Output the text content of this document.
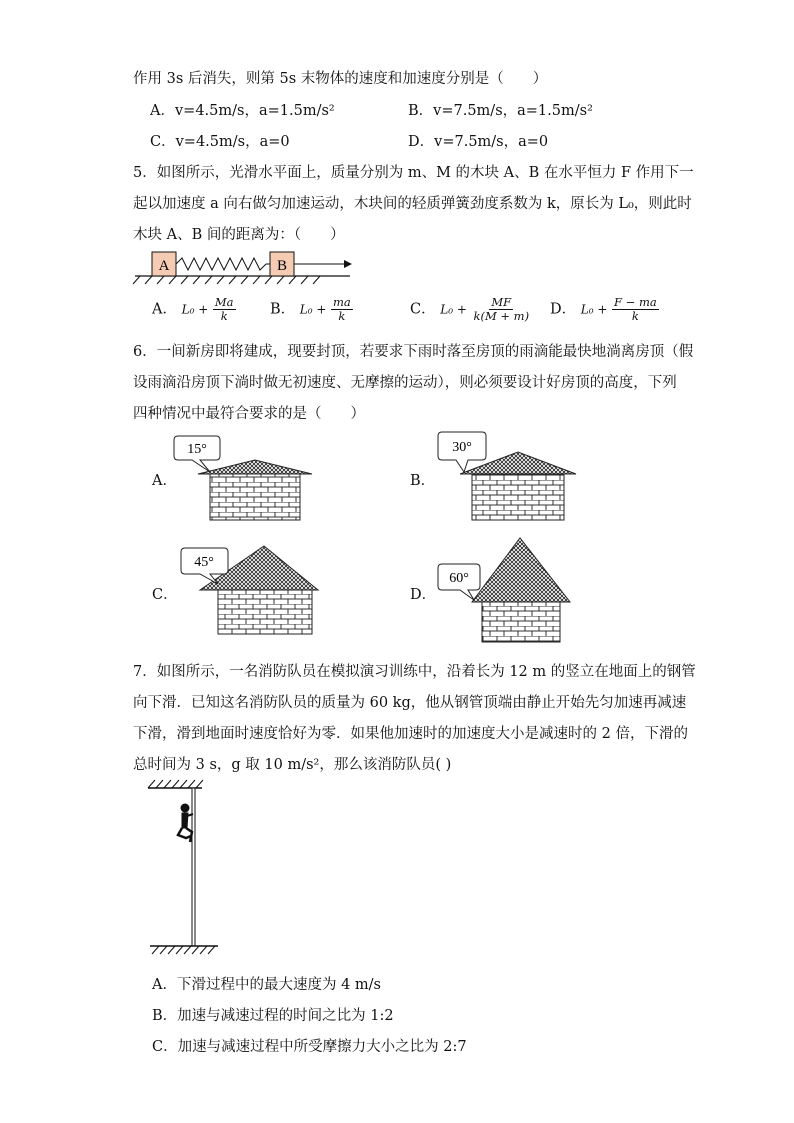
作用 3s 后消失，则第 5s 末物体的速度和加速度分别是（　　）
A．v=4.5m/s，a=1.5m/s²	B．v=7.5m/s，a=1.5m/s²
C．v=4.5m/s，a=0	D．v=7.5m/s，a=0
5．如图所示，光滑水平面上，质量分别为 m、M 的木块 A、B 在水平恒力 F 作用下一
起以加速度 a 向右做匀加速运动，木块间的轻质弹簧劲度系数为 k，原长为 L₀，则此时
木块 A、B 间的距离为：（　　）
A	B
A． $L_0 + \frac{Ma}{k}$ B． $L_0 + \frac{ma}{k}$	C． $L_0 + \frac{MF}{k(M + m)}$ D． $L_0 + \frac{F - ma}{k}$
6．一间新房即将建成，现要封顶，若要求下雨时落至房顶的雨滴能最快地淌离房顶（假
设雨滴沿房顶下淌时做无初速度、无摩擦的运动），则必须要设计好房顶的高度，下列
四种情况中最符合要求的是（　　）
A．
15°
B．
30°
C．
45°
D．
60°
7．如图所示，一名消防队员在模拟演习训练中，沿着长为 12 m 的竖立在地面上的钢管
向下滑．已知这名消防队员的质量为 60 kg，他从钢管顶端由静止开始先匀加速再减速
下滑，滑到地面时速度恰好为零．如果他加速时的加速度大小是减速时的 2 倍，下滑的
总时间为 3 s，g 取 10 m/s²，那么该消防队员( )
A．下滑过程中的最大速度为 4 m/s
B．加速与减速过程的时间之比为 1:2
C．加速与减速过程中所受摩擦力大小之比为 2:7
